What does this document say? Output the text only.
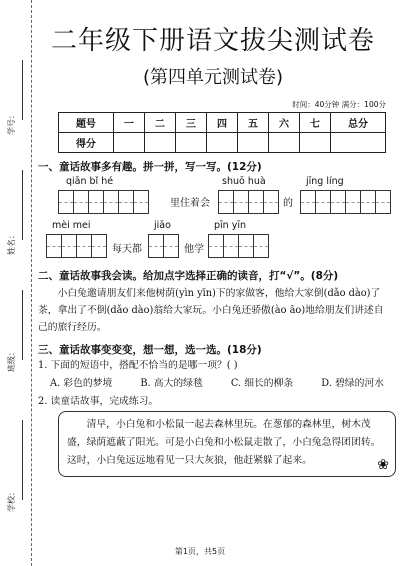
学号：
姓名：
班级：
学校：
二年级下册语文拔尖测试卷
(第四单元测试卷)
时间：40分钟 满分：100分
题号	一	二	三	四	五	六	七	总分
得分								
一、童话故事多有趣。拼一拼，写一写。(12分)
qiān bǐ hé
里住着会
shuō huà
的
jīng líng
mèi mei
每天都
jiāo
他学
pīn yīn
二、童话故事我会读。给加点字选择正确的读音，打“√”。(8分)

小白兔邀请朋友们来他树荫(yìn yīn)下的家做客，他给大家倒(dǎo dào)了茶，拿出了不倒(dǎo dào)翁给大家玩。小白兔还骄傲(ào āo)地给朋友们讲述自己的旅行经历。

三、童话故事变变变，想一想，选一选。(18分)
1. 下面的短语中，搭配不恰当的是哪一项？( )
A. 彩色的梦境	B. 高大的绿毯	C. 细长的柳条	D. 碧绿的河水
2. 读童话故事，完成练习。
清早，小白兔和小松鼠一起去森林里玩。在葱郁的森林里，树木茂盛，绿荫遮蔽了阳光。可是小白兔和小松鼠走散了，小白兔急得团团转。这时，小白兔远远地看见一只大灰狼，他赶紧躲了起来。	❀
第1页，共5页
